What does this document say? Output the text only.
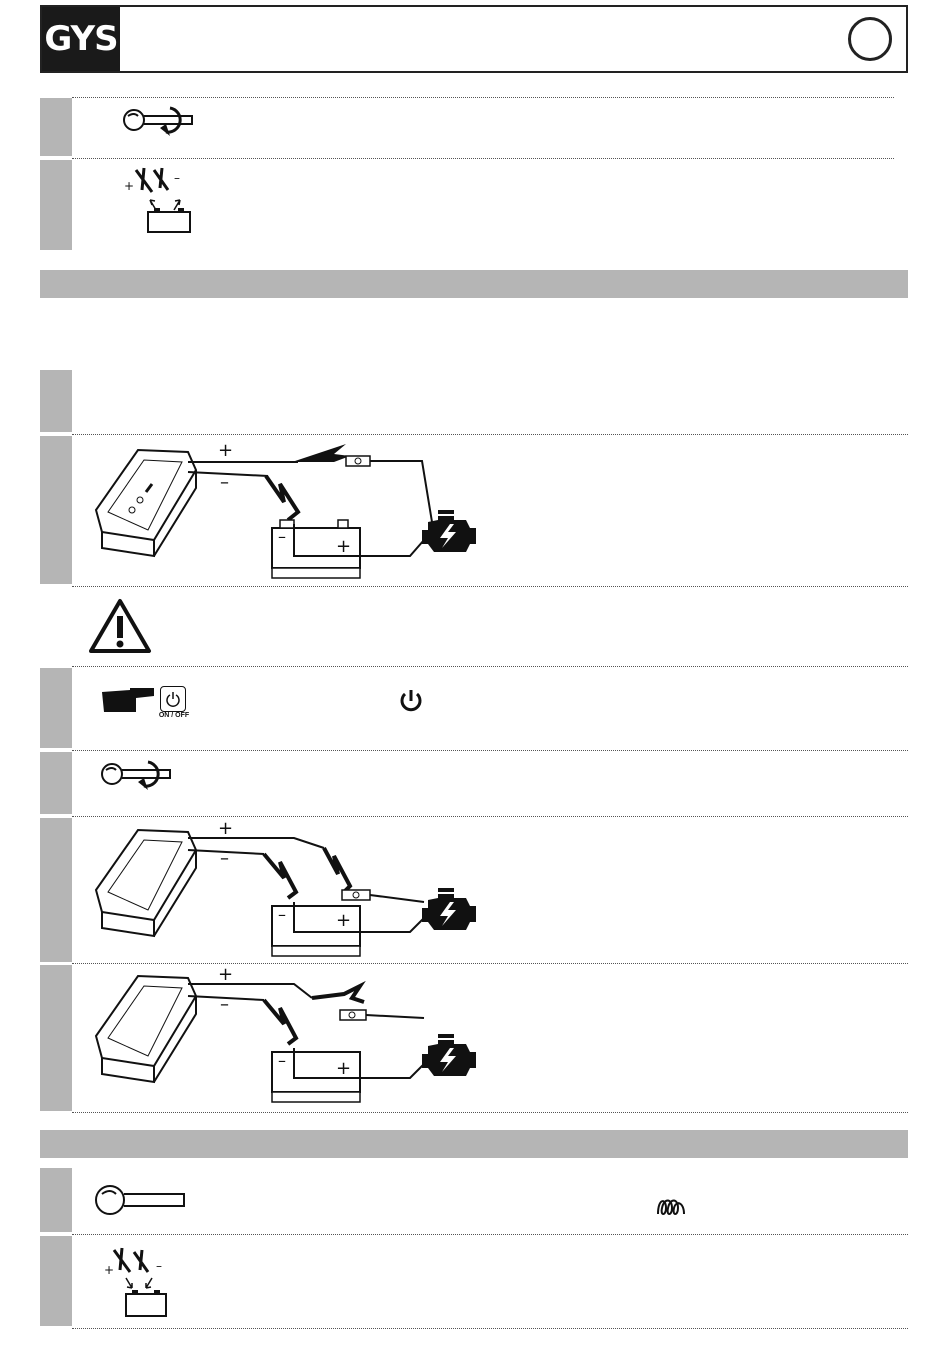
GYS
+
–
+
–
–	+
ON / OFF
+
–
–	+
+
–
–	+
+	–
